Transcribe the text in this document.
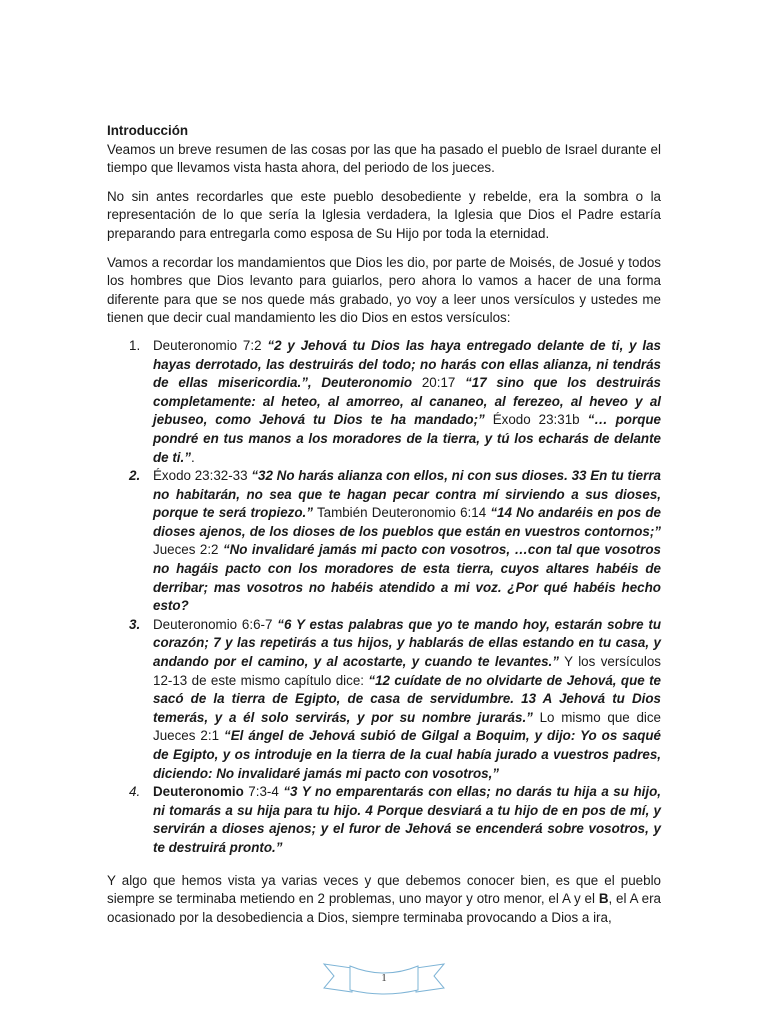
Introducción

Veamos un breve resumen de las cosas por las que ha pasado el pueblo de Israel durante el tiempo que llevamos vista hasta ahora, del periodo de los jueces.

No sin antes recordarles que este pueblo desobediente y rebelde, era la sombra o la representación de lo que sería la Iglesia verdadera, la Iglesia que Dios el Padre estaría preparando para entregarla como esposa de Su Hijo por toda la eternidad.

Vamos a recordar los mandamientos que Dios les dio, por parte de Moisés, de Josué y todos los hombres que Dios levanto para guiarlos, pero ahora lo vamos a hacer de una forma diferente para que se nos quede más grabado, yo voy a leer unos versículos y ustedes me tienen que decir cual mandamiento les dio Dios en estos versículos:

1. Deuteronomio 7:2 “2 y Jehová tu Dios las haya entregado delante de ti, y las hayas derrotado, las destruirás del todo; no harás con ellas alianza, ni tendrás de ellas misericordia.”, Deuteronomio 20:17 “17 sino que los destruirás completamente: al heteo, al amorreo, al cananeo, al ferezeo, al heveo y al jebuseo, como Jehová tu Dios te ha mandado;” Éxodo 23:31b “… porque pondré en tus manos a los moradores de la tierra, y tú los echarás de delante de ti.”.
2. Éxodo 23:32-33 “32 No harás alianza con ellos, ni con sus dioses. 33 En tu tierra no habitarán, no sea que te hagan pecar contra mí sirviendo a sus dioses, porque te será tropiezo.” También Deuteronomio 6:14 “14 No andaréis en pos de dioses ajenos, de los dioses de los pueblos que están en vuestros contornos;” Jueces 2:2 “No invalidaré jamás mi pacto con vosotros, …con tal que vosotros no hagáis pacto con los moradores de esta tierra, cuyos altares habéis de derribar; mas vosotros no habéis atendido a mi voz. ¿Por qué habéis hecho esto?
3. Deuteronomio 6:6-7 “6 Y estas palabras que yo te mando hoy, estarán sobre tu corazón; 7 y las repetirás a tus hijos, y hablarás de ellas estando en tu casa, y andando por el camino, y al acostarte, y cuando te levantes.” Y los versículos 12-13 de este mismo capítulo dice: “12 cuídate de no olvidarte de Jehová, que te sacó de la tierra de Egipto, de casa de servidumbre. 13 A Jehová tu Dios temerás, y a él solo servirás, y por su nombre jurarás.” Lo mismo que dice Jueces 2:1 “El ángel de Jehová subió de Gilgal a Boquim, y dijo: Yo os saqué de Egipto, y os introduje en la tierra de la cual había jurado a vuestros padres, diciendo: No invalidaré jamás mi pacto con vosotros,”
4. Deuteronomio 7:3-4 “3 Y no emparentarás con ellas; no darás tu hija a su hijo, ni tomarás a su hija para tu hijo. 4 Porque desviará a tu hijo de en pos de mí, y servirán a dioses ajenos; y el furor de Jehová se encenderá sobre vosotros, y te destruirá pronto.”

Y algo que hemos vista ya varias veces y que debemos conocer bien, es que el pueblo siempre se terminaba metiendo en 2 problemas, uno mayor y otro menor, el A y el B, el A era ocasionado por la desobediencia a Dios, siempre terminaba provocando a Dios a ira,

1
